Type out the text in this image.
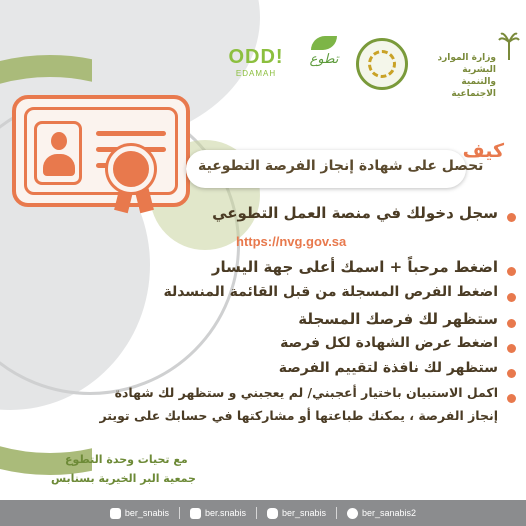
ODD!
EDAMAH
تطوع	وزارة الموارد البشرية
والتنمية الاجتماعية
كيف
تحصل على شهادة إنجاز الفرصة التطوعية
سجل دخولك في منصة العمل التطوعي
https://nvg.gov.sa
اضغط مرحباً + اسمك أعلى جهة اليسار
اضغط الفرص المسجلة من قبل القائمة المنسدلة
ستظهر لك فرصك المسجلة
اضغط عرض الشهادة لكل فرصة
ستظهر لك نافذة لتقييم الفرصة
اكمل الاستبيان باختيار أعجبني/ لم يعجبني و ستظهر لك شهادة
إنجاز الفرصة ، يمكنك طباعتها أو مشاركتها في حسابك على تويتر
مع تحيات وحدة التطوع
جمعية البر الخيرية بسنابس
ber_snabis	ber.snabis	ber_snabis	ber_sanabis2
